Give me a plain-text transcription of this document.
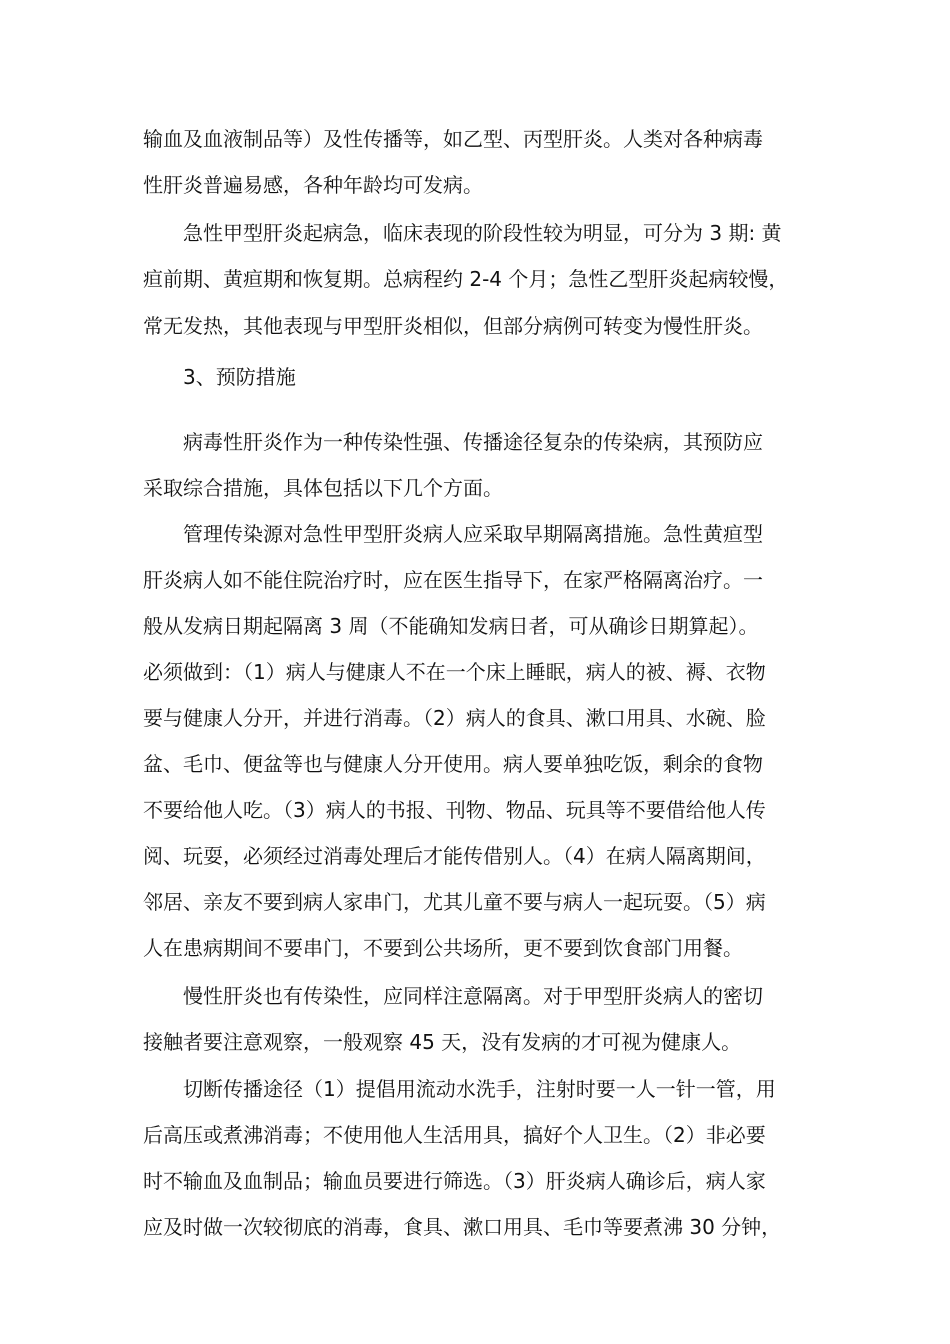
输血及血液制品等）及性传播等，如乙型、丙型肝炎。人类对各种病毒
性肝炎普遍易感，各种年龄均可发病。
急性甲型肝炎起病急，临床表现的阶段性较为明显，可分为 3 期: 黄
疸前期、黄疸期和恢复期。总病程约 2-4 个月；急性乙型肝炎起病较慢，
常无发热，其他表现与甲型肝炎相似，但部分病例可转变为慢性肝炎。
3、预防措施
病毒性肝炎作为一种传染性强、传播途径复杂的传染病，其预防应
采取综合措施，具体包括以下几个方面。
管理传染源对急性甲型肝炎病人应采取早期隔离措施。急性黄疸型
肝炎病人如不能住院治疗时，应在医生指导下，在家严格隔离治疗。一
般从发病日期起隔离 3 周（不能确知发病日者，可从确诊日期算起）。
必须做到：（1）病人与健康人不在一个床上睡眠，病人的被、褥、衣物
要与健康人分开，并进行消毒。（2）病人的食具、漱口用具、水碗、脸
盆、毛巾、便盆等也与健康人分开使用。病人要单独吃饭，剩余的食物
不要给他人吃。（3）病人的书报、刊物、物品、玩具等不要借给他人传
阅、玩耍，必须经过消毒处理后才能传借别人。（4）在病人隔离期间，
邻居、亲友不要到病人家串门，尤其儿童不要与病人一起玩耍。（5）病
人在患病期间不要串门，不要到公共场所，更不要到饮食部门用餐。
慢性肝炎也有传染性，应同样注意隔离。对于甲型肝炎病人的密切
接触者要注意观察，一般观察 45 天，没有发病的才可视为健康人。
切断传播途径（1）提倡用流动水洗手，注射时要一人一针一管，用
后高压或煮沸消毒；不使用他人生活用具，搞好个人卫生。（2）非必要
时不输血及血制品；输血员要进行筛选。（3）肝炎病人确诊后，病人家
应及时做一次较彻底的消毒，食具、漱口用具、毛巾等要煮沸 30 分钟，
